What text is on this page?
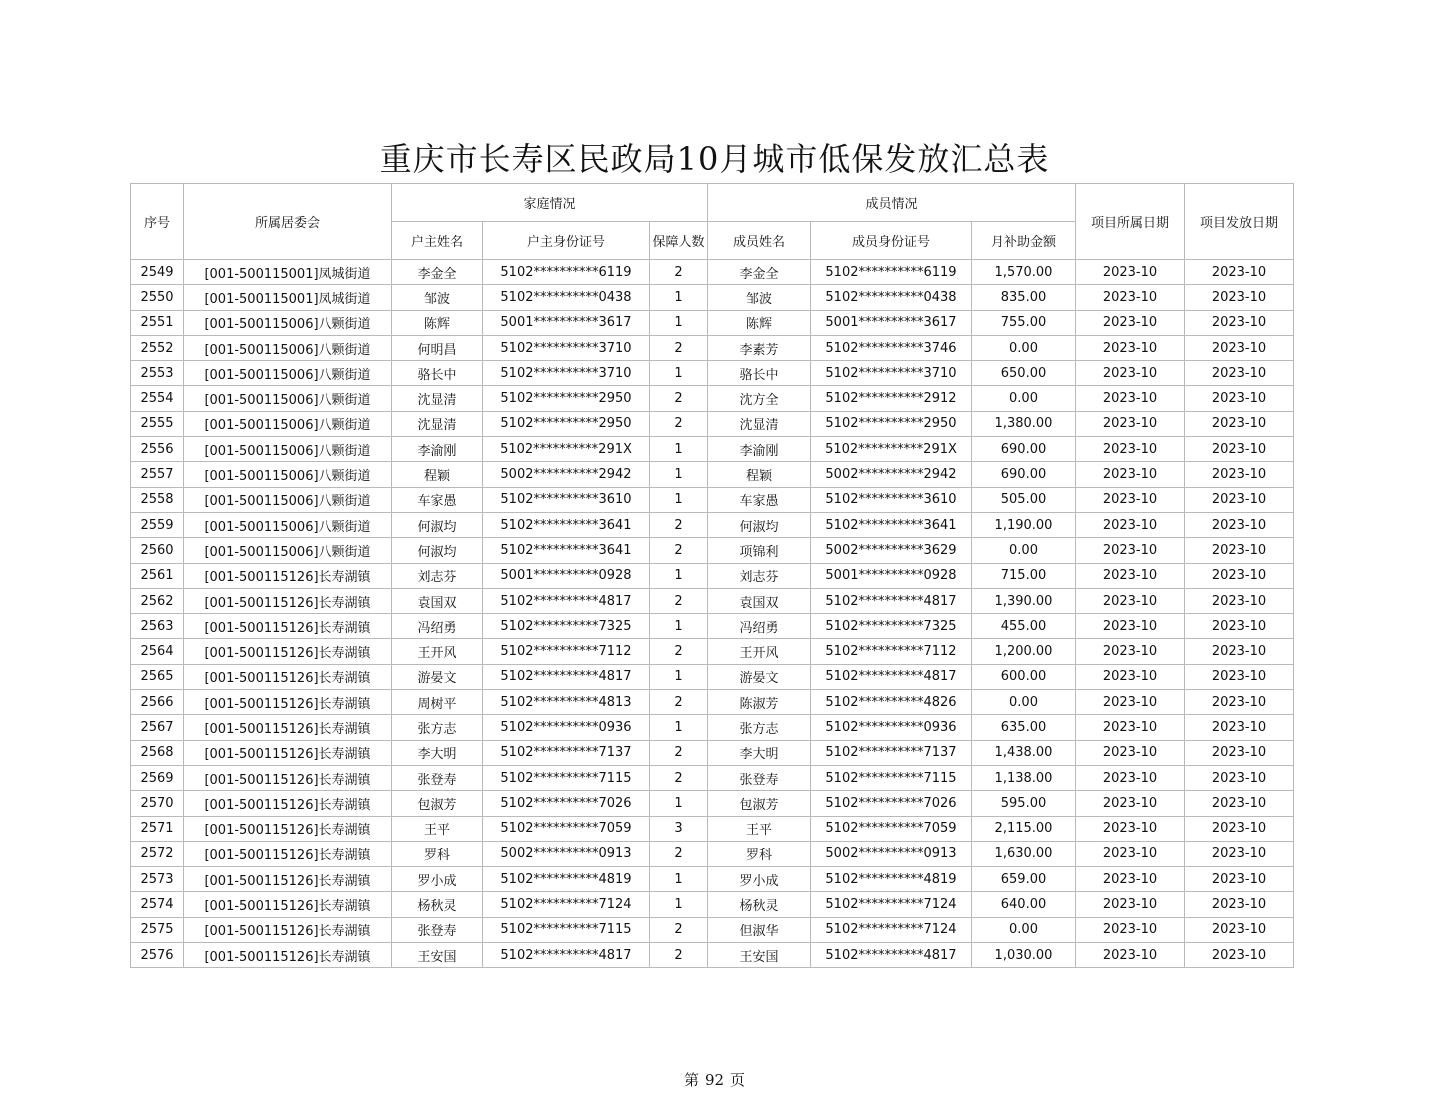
重庆市长寿区民政局10月城市低保发放汇总表
序号	所属居委会	家庭情况			成员情况			项目所属日期	项目发放日期
		户主姓名	户主身份证号	保障人数	成员姓名	成员身份证号	月补助金额		
2549	[001-500115001]凤城街道	李金全	5102**********6119	2	李金全	5102**********6119	1,570.00	2023-10	2023-10
2550	[001-500115001]凤城街道	邹波	5102**********0438	1	邹波	5102**********0438	835.00	2023-10	2023-10
2551	[001-500115006]八颗街道	陈辉	5001**********3617	1	陈辉	5001**********3617	755.00	2023-10	2023-10
2552	[001-500115006]八颗街道	何明昌	5102**********3710	2	李素芳	5102**********3746	0.00	2023-10	2023-10
2553	[001-500115006]八颗街道	骆长中	5102**********3710	1	骆长中	5102**********3710	650.00	2023-10	2023-10
2554	[001-500115006]八颗街道	沈显清	5102**********2950	2	沈方全	5102**********2912	0.00	2023-10	2023-10
2555	[001-500115006]八颗街道	沈显清	5102**********2950	2	沈显清	5102**********2950	1,380.00	2023-10	2023-10
2556	[001-500115006]八颗街道	李渝刚	5102**********291X	1	李渝刚	5102**********291X	690.00	2023-10	2023-10
2557	[001-500115006]八颗街道	程颖	5002**********2942	1	程颖	5002**********2942	690.00	2023-10	2023-10
2558	[001-500115006]八颗街道	车家愚	5102**********3610	1	车家愚	5102**********3610	505.00	2023-10	2023-10
2559	[001-500115006]八颗街道	何淑均	5102**********3641	2	何淑均	5102**********3641	1,190.00	2023-10	2023-10
2560	[001-500115006]八颗街道	何淑均	5102**********3641	2	项锦利	5002**********3629	0.00	2023-10	2023-10
2561	[001-500115126]长寿湖镇	刘志芬	5001**********0928	1	刘志芬	5001**********0928	715.00	2023-10	2023-10
2562	[001-500115126]长寿湖镇	袁国双	5102**********4817	2	袁国双	5102**********4817	1,390.00	2023-10	2023-10
2563	[001-500115126]长寿湖镇	冯绍勇	5102**********7325	1	冯绍勇	5102**********7325	455.00	2023-10	2023-10
2564	[001-500115126]长寿湖镇	王开风	5102**********7112	2	王开风	5102**********7112	1,200.00	2023-10	2023-10
2565	[001-500115126]长寿湖镇	游晏文	5102**********4817	1	游晏文	5102**********4817	600.00	2023-10	2023-10
2566	[001-500115126]长寿湖镇	周树平	5102**********4813	2	陈淑芳	5102**********4826	0.00	2023-10	2023-10
2567	[001-500115126]长寿湖镇	张方志	5102**********0936	1	张方志	5102**********0936	635.00	2023-10	2023-10
2568	[001-500115126]长寿湖镇	李大明	5102**********7137	2	李大明	5102**********7137	1,438.00	2023-10	2023-10
2569	[001-500115126]长寿湖镇	张登寿	5102**********7115	2	张登寿	5102**********7115	1,138.00	2023-10	2023-10
2570	[001-500115126]长寿湖镇	包淑芳	5102**********7026	1	包淑芳	5102**********7026	595.00	2023-10	2023-10
2571	[001-500115126]长寿湖镇	王平	5102**********7059	3	王平	5102**********7059	2,115.00	2023-10	2023-10
2572	[001-500115126]长寿湖镇	罗科	5002**********0913	2	罗科	5002**********0913	1,630.00	2023-10	2023-10
2573	[001-500115126]长寿湖镇	罗小成	5102**********4819	1	罗小成	5102**********4819	659.00	2023-10	2023-10
2574	[001-500115126]长寿湖镇	杨秋灵	5102**********7124	1	杨秋灵	5102**********7124	640.00	2023-10	2023-10
2575	[001-500115126]长寿湖镇	张登寿	5102**********7115	2	但淑华	5102**********7124	0.00	2023-10	2023-10
2576	[001-500115126]长寿湖镇	王安国	5102**********4817	2	王安国	5102**********4817	1,030.00	2023-10	2023-10
第 92 页
